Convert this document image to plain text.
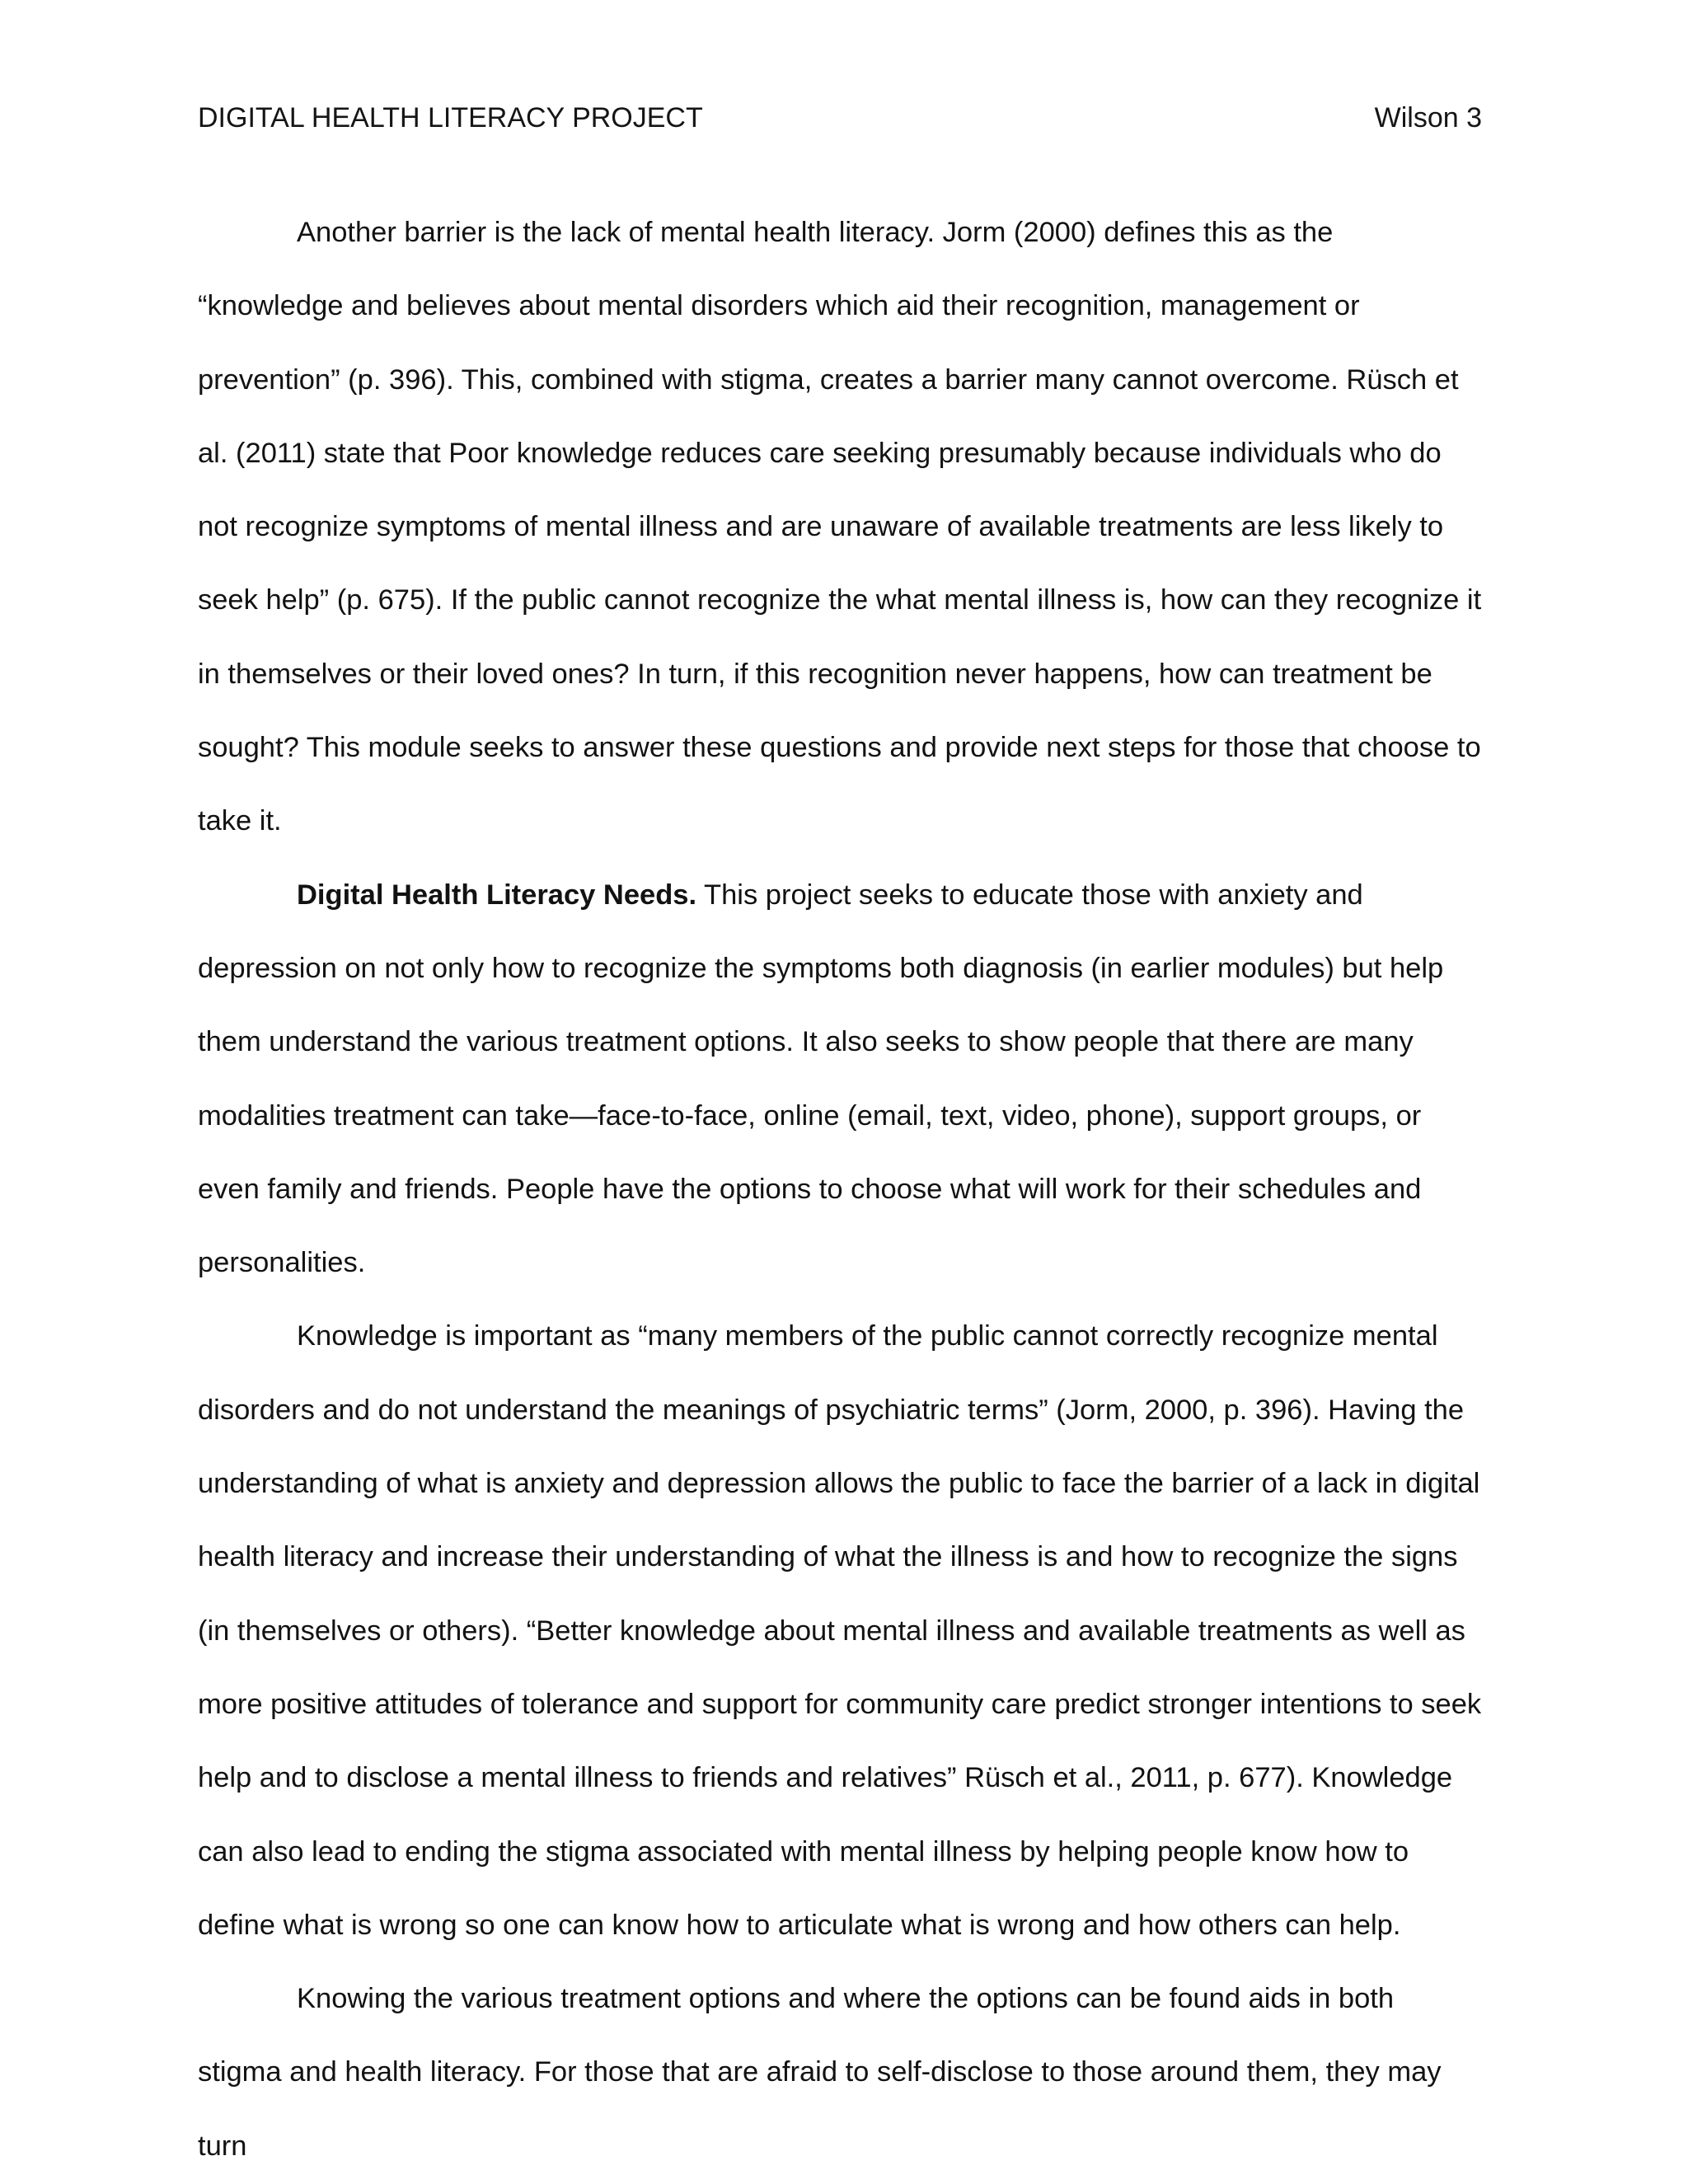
DIGITAL HEALTH LITERACY PROJECT	Wilson 3

Another barrier is the lack of mental health literacy. Jorm (2000) defines this as the “knowledge and believes about mental disorders which aid their recognition, management or prevention” (p. 396). This, combined with stigma, creates a barrier many cannot overcome. Rüsch et al. (2011) state that Poor knowledge reduces care seeking presumably because individuals who do not recognize symptoms of mental illness and are unaware of available treatments are less likely to seek help” (p. 675). If the public cannot recognize the what mental illness is, how can they recognize it in themselves or their loved ones? In turn, if this recognition never happens, how can treatment be sought? This module seeks to answer these questions and provide next steps for those that choose to take it.

Digital Health Literacy Needs. This project seeks to educate those with anxiety and depression on not only how to recognize the symptoms both diagnosis (in earlier modules) but help them understand the various treatment options. It also seeks to show people that there are many modalities treatment can take—face-to-face, online (email, text, video, phone), support groups, or even family and friends. People have the options to choose what will work for their schedules and personalities.

Knowledge is important as “many members of the public cannot correctly recognize mental disorders and do not understand the meanings of psychiatric terms” (Jorm, 2000, p. 396). Having the understanding of what is anxiety and depression allows the public to face the barrier of a lack in digital health literacy and increase their understanding of what the illness is and how to recognize the signs (in themselves or others). “Better knowledge about mental illness and available treatments as well as more positive attitudes of tolerance and support for community care predict stronger intentions to seek help and to disclose a mental illness to friends and relatives” Rüsch et al., 2011, p. 677). Knowledge can also lead to ending the stigma associated with mental illness by helping people know how to define what is wrong so one can know how to articulate what is wrong and how others can help.

Knowing the various treatment options and where the options can be found aids in both stigma and health literacy. For those that are afraid to self-disclose to those around them, they may turn
